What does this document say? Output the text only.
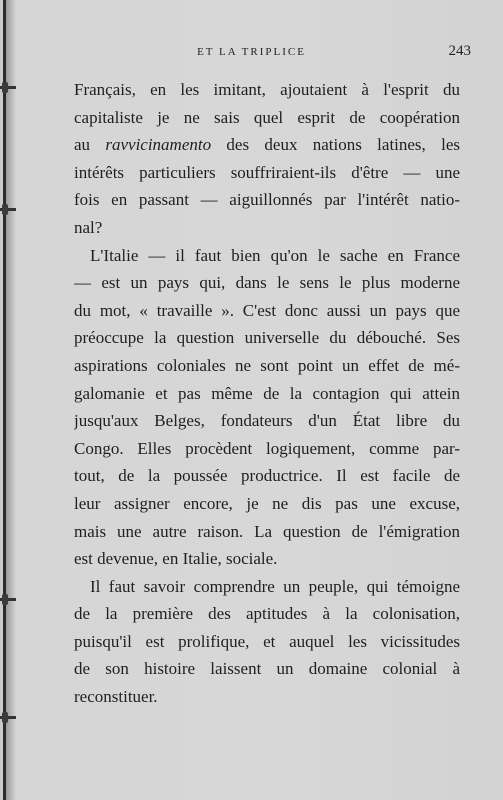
ET LA TRIPLICE	243

Français, en les imitant, ajoutaient à l'esprit du
capitaliste je ne sais quel esprit de coopération
au ravvicinamento des deux nations latines, les
intérêts particuliers souffriraient-ils d'être — une
fois en passant — aiguillonnés par l'intérêt natio-
nal?

L'Italie — il faut bien qu'on le sache en France
— est un pays qui, dans le sens le plus moderne
du mot, « travaille ». C'est donc aussi un pays que
préoccupe la question universelle du débouché. Ses
aspirations coloniales ne sont point un effet de mé-
galomanie et pas même de la contagion qui attein
jusqu'aux Belges, fondateurs d'un État libre du
Congo. Elles procèdent logiquement, comme par-
tout, de la poussée productrice. Il est facile de
leur assigner encore, je ne dis pas une excuse,
mais une autre raison. La question de l'émigration
est devenue, en Italie, sociale.

Il faut savoir comprendre un peuple, qui témoigne
de la première des aptitudes à la colonisation,
puisqu'il est prolifique, et auquel les vicissitudes
de son histoire laissent un domaine colonial à
reconstituer.
